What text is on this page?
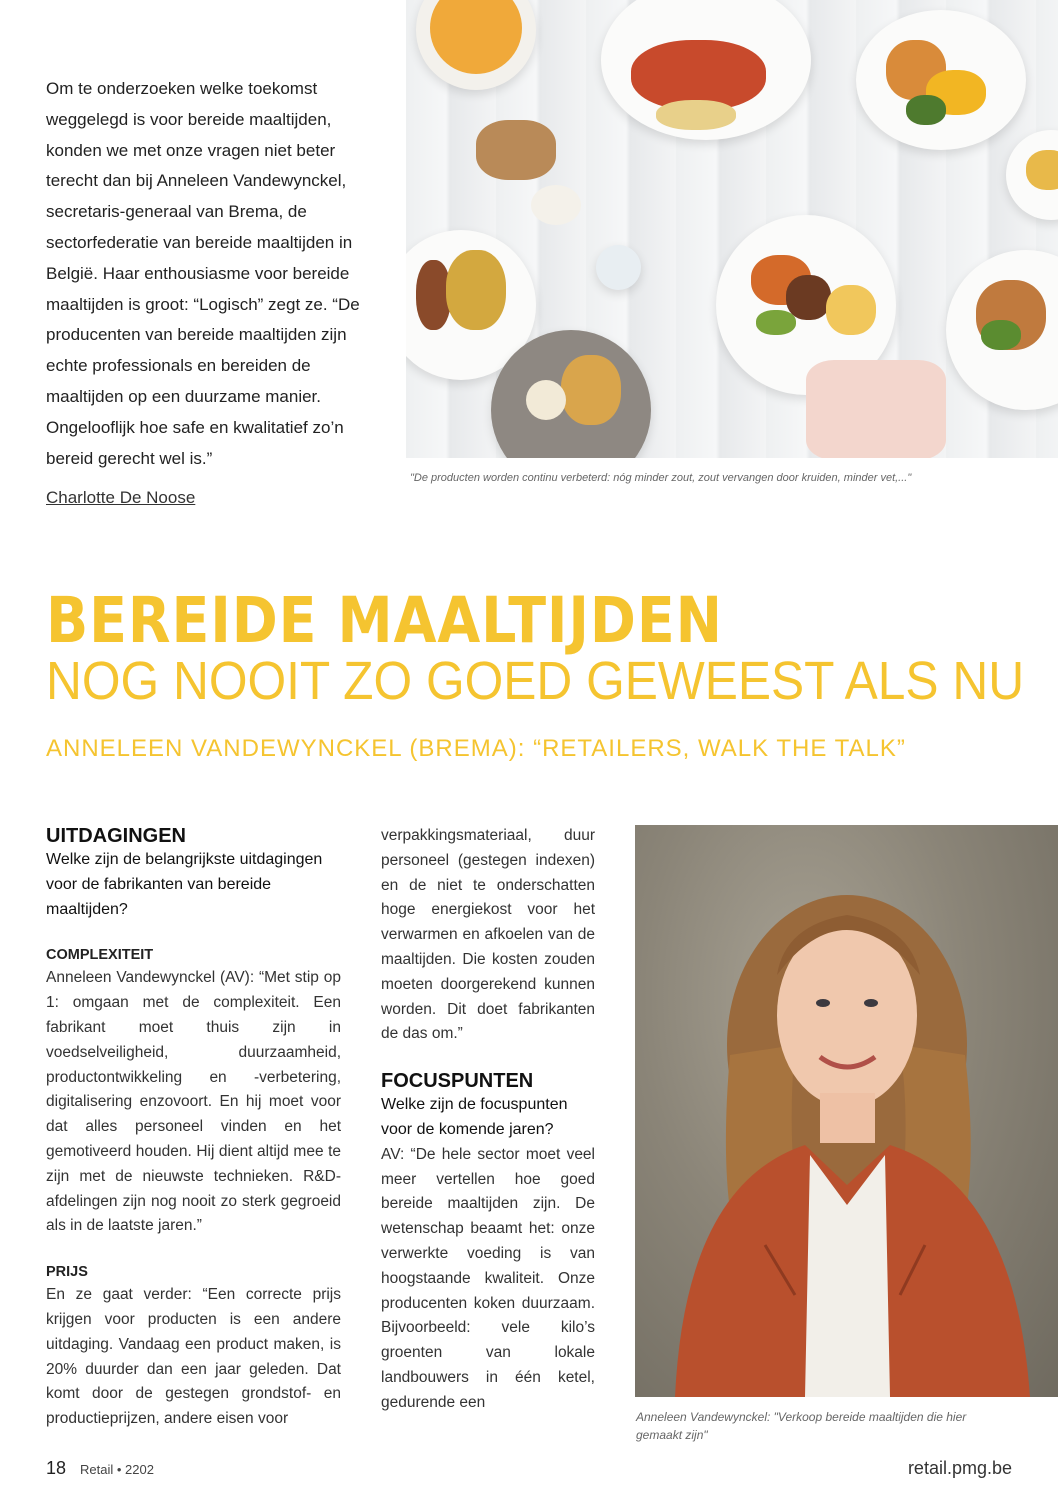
Om te onderzoeken welke toekomst
weggelegd is voor bereide maaltijden,
konden we met onze vragen niet beter
terecht dan bij Anneleen Vandewynckel,
secretaris-generaal van Brema, de
sectorfederatie van bereide maaltijden in
België. Haar enthousiasme voor bereide
maaltijden is groot: “Logisch” zegt ze. “De
producenten van bereide maaltijden zijn
echte professionals en bereiden de
maaltijden op een duurzame manier.
Ongelooflijk hoe safe en kwalitatief zo’n
bereid gerecht wel is.”
Charlotte De Noose
"De producten worden continu verbeterd: nóg minder zout, zout vervangen door kruiden, minder vet,..."
BEREIDE MAALTIJDEN
NOG NOOIT ZO GOED GEWEEST ALS NU
ANNELEEN VANDEWYNCKEL (BREMA): “RETAILERS, WALK THE TALK”
UITDAGINGEN
Welke zijn de belangrijkste uitdagingen voor de fabrikanten van bereide maaltijden?
COMPLEXITEIT
Anneleen Vandewynckel (AV): “Met stip op 1: omgaan met de complexiteit. Een fabrikant moet thuis zijn in voedselveiligheid, duurzaamheid, productontwikkeling en -verbetering, digitalisering enzovoort. En hij moet voor dat alles personeel vinden en het gemotiveerd houden. Hij dient altijd mee te zijn met de nieuwste technieken. R&D-afdelingen zijn nog nooit zo sterk gegroeid als in de laatste jaren.”
PRIJS
En ze gaat verder: “Een correcte prijs krijgen voor producten is een andere uitdaging. Vandaag een product maken, is 20% duurder dan een jaar geleden. Dat komt door de gestegen grondstof- en productieprijzen, andere eisen voor
verpakkingsmateriaal, duur personeel (gestegen indexen) en de niet te onderschatten hoge energiekost voor het verwarmen en afkoelen van de maaltijden. Die kosten zouden moeten doorgerekend kunnen worden. Dit doet fabrikanten de das om.”
FOCUSPUNTEN
Welke zijn de focuspunten voor de komende jaren?
AV: “De hele sector moet veel meer vertellen hoe goed bereide maaltijden zijn. De wetenschap beaamt het: onze verwerkte voeding is van hoogstaande kwaliteit. Onze producenten koken duurzaam. Bijvoorbeeld: vele kilo’s groenten van lokale landbouwers in één ketel, gedurende een
Anneleen Vandewynckel: "Verkoop bereide maaltijden die hier gemaakt zijn"
18 Retail • 2202	retail.pmg.be
